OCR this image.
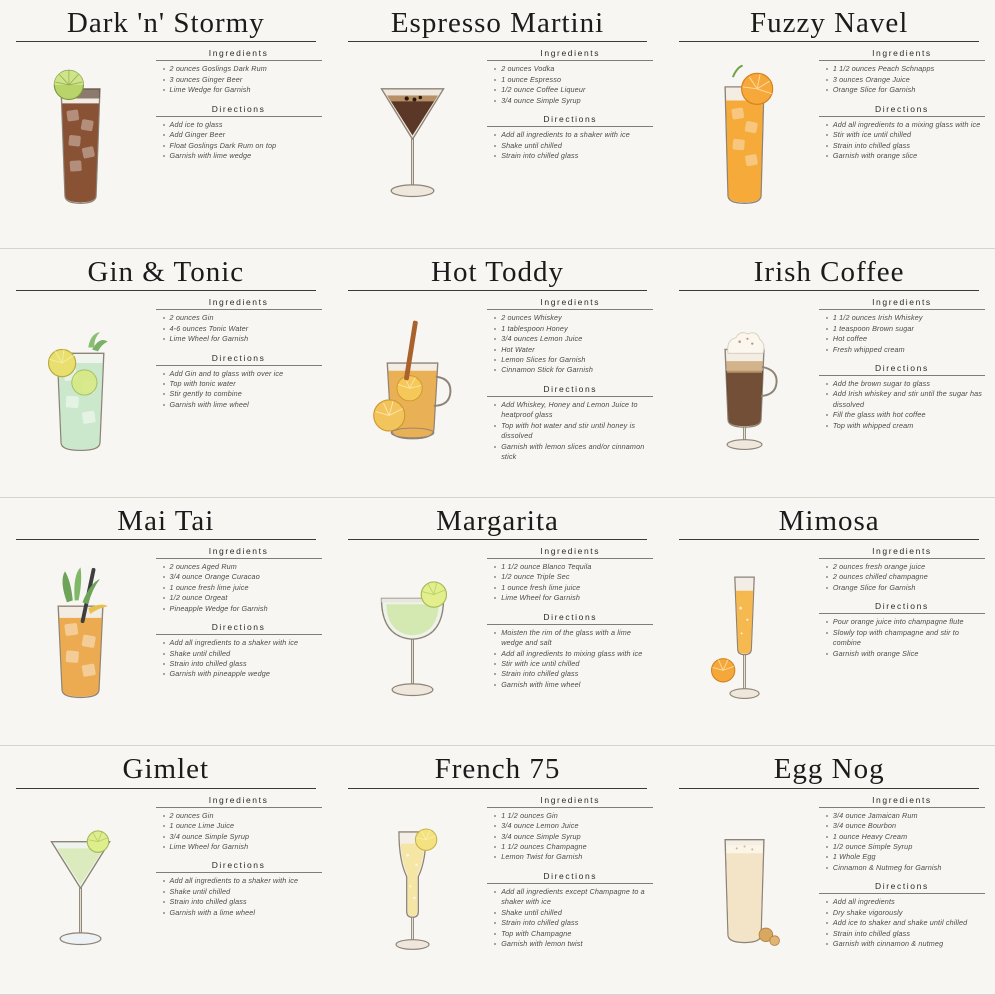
Dark 'n' Stormy
Ingredients
2 ounces Goslings Dark Rum
3 ounces Ginger Beer
Lime Wedge for Garnish
Directions
Add ice to glass
Add Ginger Beer
Float Goslings Dark Rum on top
Garnish with lime wedge
Espresso Martini
Ingredients
2 ounces Vodka
1 ounce Espresso
1/2 ounce Coffee Liqueur
3/4 ounce Simple Syrup
Directions
Add all ingredients to a shaker with ice
Shake until chilled
Strain into chilled glass
Fuzzy Navel
Ingredients
1 1/2 ounces Peach Schnapps
3 ounces Orange Juice
Orange Slice for Garnish
Directions
Add all ingredients to a mixing glass with ice
Stir with ice until chilled
Strain into chilled glass
Garnish with orange slice
Gin & Tonic
Ingredients
2 ounces Gin
4-6 ounces Tonic Water
Lime Wheel for Garnish
Directions
Add Gin and to glass with over ice
Top with tonic water
Stir gently to combine
Garnish with lime wheel
Hot Toddy
Ingredients
2 ounces Whiskey
1 tablespoon Honey
3/4 ounces Lemon Juice
Hot Water
Lemon Slices for Garnish
Cinnamon Stick for Garnish
Directions
Add Whiskey, Honey and Lemon Juice to heatproof glass
Top with hot water and stir until honey is dissolved
Garnish with lemon slices and/or cinnamon stick
Irish Coffee
Ingredients
1 1/2 ounces Irish Whiskey
1 teaspoon Brown sugar
Hot coffee
Fresh whipped cream
Directions
Add the brown sugar to glass
Add Irish whiskey and stir until the sugar has dissolved
Fill the glass with hot coffee
Top with whipped cream
Mai Tai
Ingredients
2 ounces Aged Rum
3/4 ounce Orange Curacao
1 ounce fresh lime juice
1/2 ounce Orgeat
Pineapple Wedge for Garnish
Directions
Add all ingredients to a shaker with ice
Shake until chilled
Strain into chilled glass
Garnish with pineapple wedge
Margarita
Ingredients
1 1/2 ounce Blanco Tequila
1/2 ounce Triple Sec
1 ounce fresh lime juice
Lime Wheel for Garnish
Directions
Moisten the rim of the glass with a lime wedge and salt
Add all ingredients to mixing glass with ice
Stir with ice until chilled
Strain into chilled glass
Garnish with lime wheel
Mimosa
Ingredients
2 ounces fresh orange juice
2 ounces chilled champagne
Orange Slice for Garnish
Directions
Pour orange juice into champagne flute
Slowly top with champagne and stir to combine
Garnish with orange Slice
Gimlet
Ingredients
2 ounces Gin
1 ounce Lime Juice
3/4 ounce Simple Syrup
Lime Wheel for Garnish
Directions
Add all ingredients to a shaker with ice
Shake until chilled
Strain into chilled glass
Garnish with a lime wheel
French 75
Ingredients
1 1/2 ounces Gin
3/4 ounce Lemon Juice
3/4 ounce Simple Syrup
1 1/2 ounces Champagne
Lemon Twist for Garnish
Directions
Add all ingredients except Champagne to a shaker with ice
Shake until chilled
Strain into chilled glass
Top with Champagne
Garnish with lemon twist
Egg Nog
Ingredients
3/4 ounce Jamaican Rum
3/4 ounce Bourbon
1 ounce Heavy Cream
1/2 ounce Simple Syrup
1 Whole Egg
Cinnamon & Nutmeg for Garnish
Directions
Add all ingredients
Dry shake vigorously
Add ice to shaker and shake until chilled
Strain into chilled glass
Garnish with cinnamon & nutmeg
